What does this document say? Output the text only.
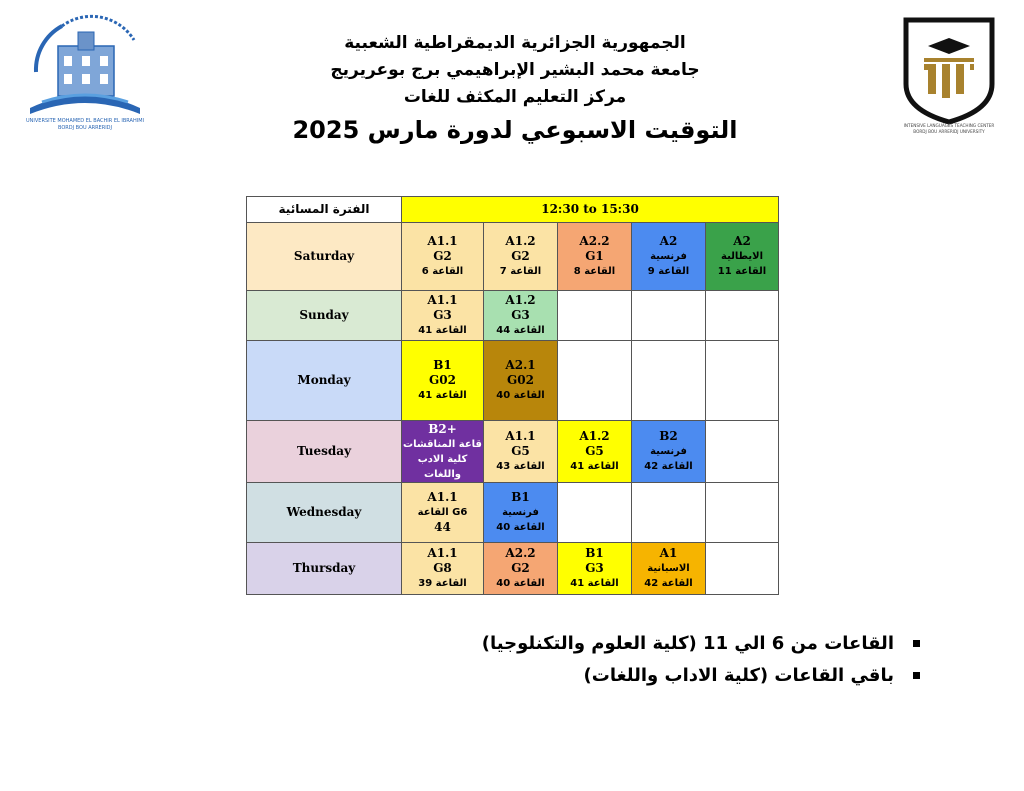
UNIVERSITE MOHAMED EL BACHIR EL IBRAHIMI
BORDJ BOU ARRERIDJ	INTENSIVE LANGUAGES TEACHING CENTER
BORDJ BOU ARRERIDJ UNIVERSITY

الجمهورية الجزائرية الديمقراطية الشعبية

جامعة محمد البشير الإبراهيمي برج بوعريريج

مركز التعليم المكثف للغات

التوقيت الاسبوعي لدورة مارس 2025
الفترة المسائية	12:30 to 15:30				
Saturday	A1.1
G2
القاعة 6	A1.2
G2
القاعة 7	A2.2
G1
القاعة 8	A2
فرنسية
القاعة 9	A2
الايطالية
القاعة 11

Sunday	A1.1
G3
القاعة 41	A1.2
G3
القاعة 44			

Monday	B1
G02
القاعة 41	A2.1
G02
القاعة 40			

Tuesday	B2+
قاعة المناقشات
كلية الادب واللغات	A1.1
G5
القاعة 43	A1.2
G5
القاعة 41	B2
فرنسية
القاعة 42	

Wednesday	A1.1
G6 القاعة
44	B1
فرنسية
القاعة 40			

Thursday	A1.1
G8
القاعة 39	A2.2
G2
القاعة 40	B1
G3
القاعة 41	A1
الاسبانية
القاعة 42	

القاعات من 6 الي 11 (كلية العلوم والتكنلوجيا)
باقي القاعات (كلية الاداب واللغات)
